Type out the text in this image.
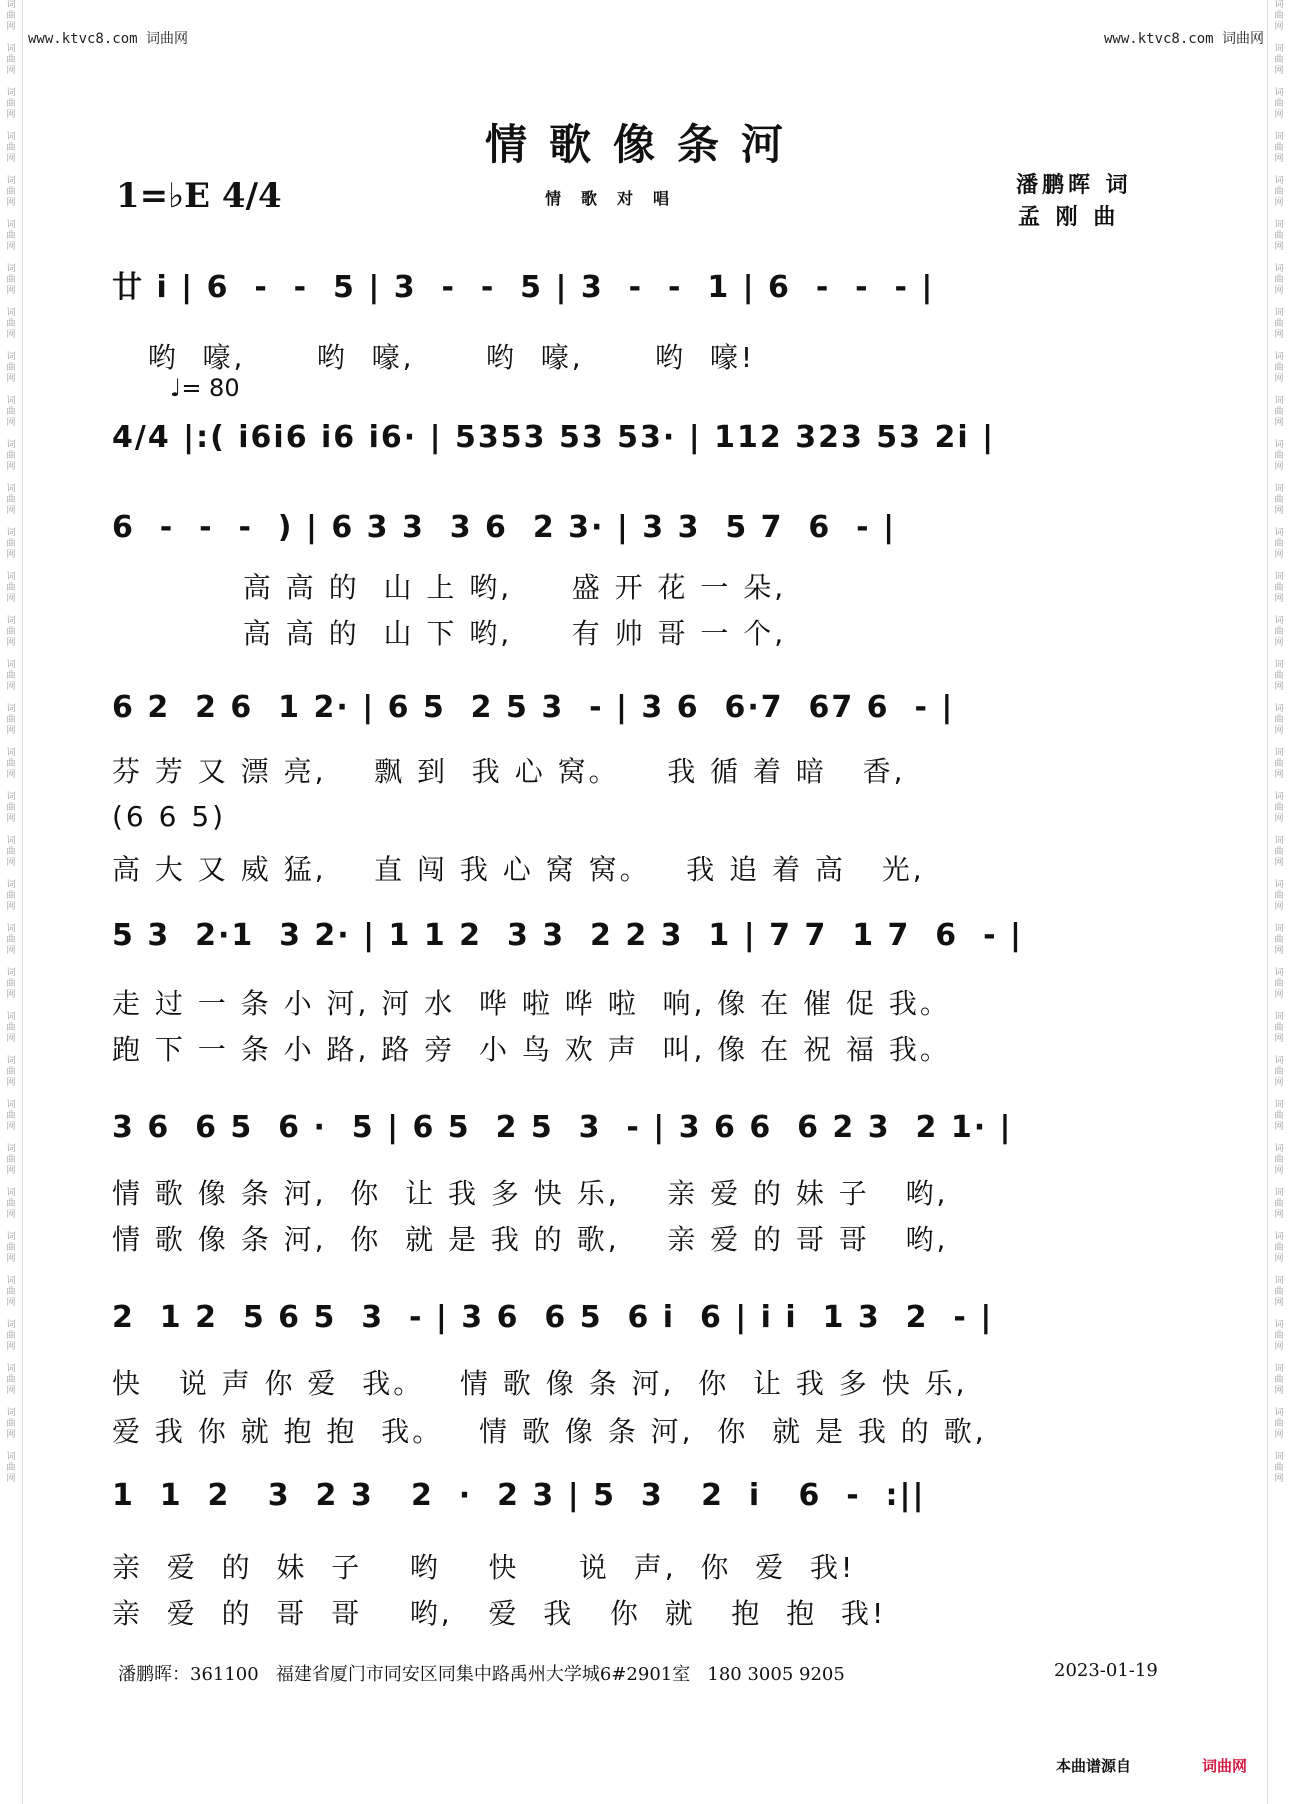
词
曲
网

词
曲
网

词
曲
网

词
曲
网

词
曲
网

词
曲
网

词
曲
网

词
曲
网

词
曲
网

词
曲
网

词
曲
网

词
曲
网

词
曲
网

词
曲
网

词
曲
网

词
曲
网

词
曲
网

词
曲
网

词
曲
网

词
曲
网

词
曲
网

词
曲
网

词
曲
网

词
曲
网

词
曲
网

词
曲
网

词
曲
网

词
曲
网

词
曲
网

词
曲
网

词
曲
网

词
曲
网

词
曲
网

词
曲
网

词
曲
网

词
曲
网

词
曲
网

词
曲
网

词
曲
网

词
曲
网

词
曲
网

词
曲
网

词
曲
网

词
曲
网

词
曲
网

词
曲
网

词
曲
网

词
曲
网

词
曲
网

词
曲
网

词
曲
网

词
曲
网

词
曲
网

词
曲
网

词
曲
网

词
曲
网

词
曲
网

词
曲
网

词
曲
网

词
曲
网

词
曲
网

词
曲
网

词
曲
网

词
曲
网

词
曲
网

词
曲
网

词
曲
网

词
曲
网

www.ktvc8.com 词曲网	www.ktvc8.com 词曲网
情歌像条河
情歌对唱
1=♭E 4/4	潘鹏晖 词
孟 刚 曲
♩= 80
廿 i | 6  -  -  5 | 3  -  -  5 | 3  -  -  1 | 6  -  -  - |
哟  嚎,      哟  嚎,      哟  嚎,      哟  嚎!
4/4 |:( i6i6 i6 i6· | 5353 53 53· | 112 323 53 2i |
6  -  -  -  ) | 6 3 3  3 6  2 3· | 3 3  5 7  6  - |
高 高 的  山 上 哟,     盛 开 花 一 朵,
高 高 的  山 下 哟,     有 帅 哥 一 个,
6 2  2 6  1 2· | 6 5  2 5 3  - | 3 6  6·7  67 6  - |
芬 芳 又 漂 亮,    飘 到  我 心 窝。    我 循 着 暗   香,
(6 6 5)
高 大 又 威 猛,    直 闯 我 心 窝 窝。   我 追 着 高   光,
5 3  2·1  3 2· | 1 1 2  3 3  2 2 3  1 | 7 7  1 7  6  - |
走 过 一 条 小 河, 河 水  哗 啦 哗 啦  响, 像 在 催 促 我。
跑 下 一 条 小 路, 路 旁  小 鸟 欢 声  叫, 像 在 祝 福 我。
3 6  6 5  6 ·  5 | 6 5  2 5  3  - | 3 6 6  6 2 3  2 1· |
情 歌 像 条 河,  你  让 我 多 快 乐,    亲 爱 的 妹 子   哟,
情 歌 像 条 河,  你  就 是 我 的 歌,    亲 爱 的 哥 哥   哟,
2  1 2  5 6 5  3  - | 3 6  6 5  6 i  6 | i i  1 3  2  - |
快   说 声 你 爱  我。   情 歌 像 条 河,  你  让 我 多 快 乐,
爱 我 你 就 抱 抱  我。   情 歌 像 条 河,  你  就 是 我 的 歌,
1  1  2   3  2 3   2  ·  2 3 | 5  3   2  i   6  -  :||
亲  爱  的  妹  子    哟    快     说  声,  你  爱  我!
亲  爱  的  哥  哥    哟,   爱  我   你  就   抱  抱  我!
潘鹏晖：361100   福建省厦门市同安区同集中路禹州大学城6#2901室   180 3005 9205	2023-01-19
本曲谱源自	词曲网
